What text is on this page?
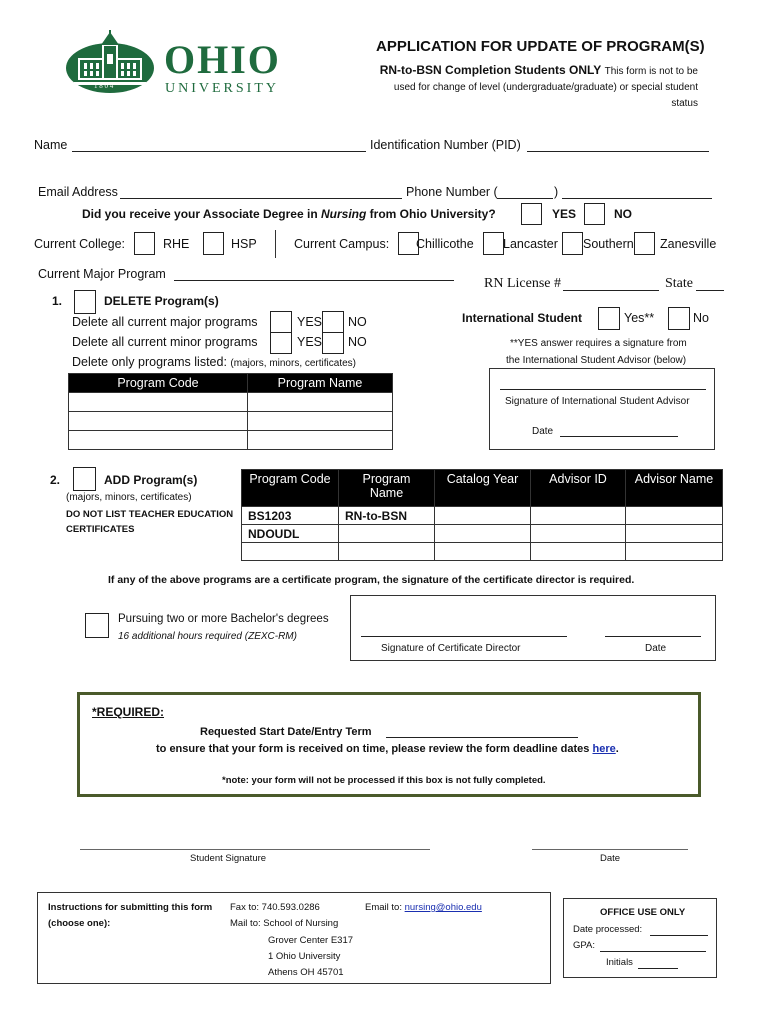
1 8 0 4
OHIO
UNIVERSITY
APPLICATION FOR UPDATE OF PROGRAM(S)
RN-to-BSN Completion Students ONLY This form is not to be
used for change of level (undergraduate/graduate) or special student
status
Name	Identification Number (PID)
Email Address	Phone Number (	)
Did you receive your Associate Degree in Nursing from Ohio University?	YES	NO
Current College:	RHE	HSP	Current Campus: Chillicothe Lancaster Southern Zanesville
Current Major Program
RN License #	State
1.	DELETE Program(s)
Delete all current major programs	YES NO
Delete all current minor programs	YES NO
Delete only programs listed: (majors, minors, certificates)
Program Code	Program Name

International Student	Yes**	No
**YES answer requires a signature from
the International Student Advisor (below)
Signature of International Student Advisor
Date
2.	ADD Program(s)
(majors, minors, certificates)
DO NOT LIST TEACHER EDUCATION
CERTIFICATES
Program Code	Program Name	Catalog Year	Advisor ID	Advisor Name
BS1203	RN-to-BSN			
NDOUDL				

If any of the above programs are a certificate program, the signature of the certificate director is required.
Pursuing two or more Bachelor's degrees
16 additional hours required (ZEXC-RM)
Signature of Certificate Director	Date
*REQUIRED:
Requested Start Date/Entry Term
to ensure that your form is received on time, please review the form deadline dates here.
*note: your form will not be processed if this box is not fully completed.
Student Signature	Date
Instructions for submitting this form
(choose one):
Fax to: 740.593.0286	Email to: nursing@ohio.edu
Mail to: School of Nursing
Grover Center E317
1 Ohio University
Athens OH 45701
OFFICE USE ONLY
Date processed:
GPA:
Initials
